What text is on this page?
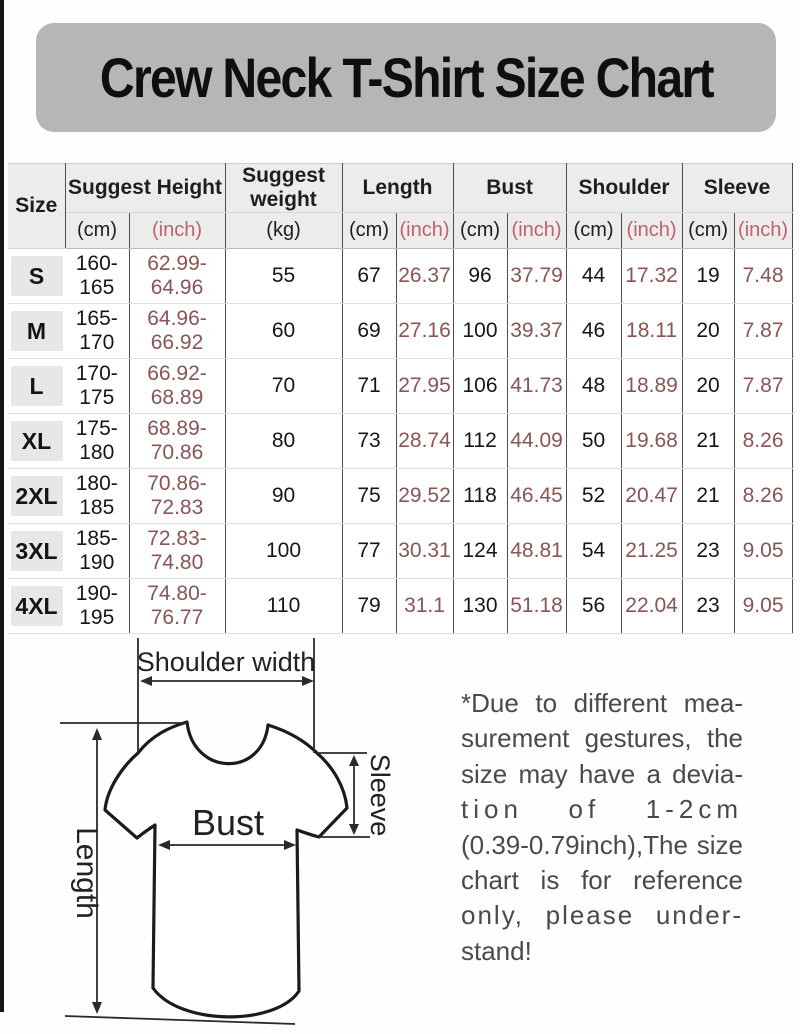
Crew Neck T-Shirt Size Chart
Size	Suggest Height		Suggest weight	Length		Bust		Shoulder		Sleeve	
	(cm)	(inch)	(kg)	(cm)	(inch)	(cm)	(inch)	(cm)	(inch)	(cm)	(inch)

S	160-165	62.99-64.96	55	67	26.37	96	37.79	44	17.32	19	7.48

M	165-170	64.96-66.92	60	69	27.16	100	39.37	46	18.11	20	7.87

L	170-175	66.92-68.89	70	71	27.95	106	41.73	48	18.89	20	7.87

XL	175-180	68.89-70.86	80	73	28.74	112	44.09	50	19.68	21	8.26

2XL	180-185	70.86-72.83	90	75	29.52	118	46.45	52	20.47	21	8.26

3XL	185-190	72.83-74.80	100	77	30.31	124	48.81	54	21.25	23	9.05

4XL	190-195	74.80-76.77	110	79	31.1	130	51.18	56	22.04	23	9.05
Shoulder width
Length
Bust	Sleeve
*Due to different mea-
surement gestures, the
size may have a devia-
tion of 1-2cm
(0.39-0.79inch),The size
chart is for reference
only, please under-
stand!
